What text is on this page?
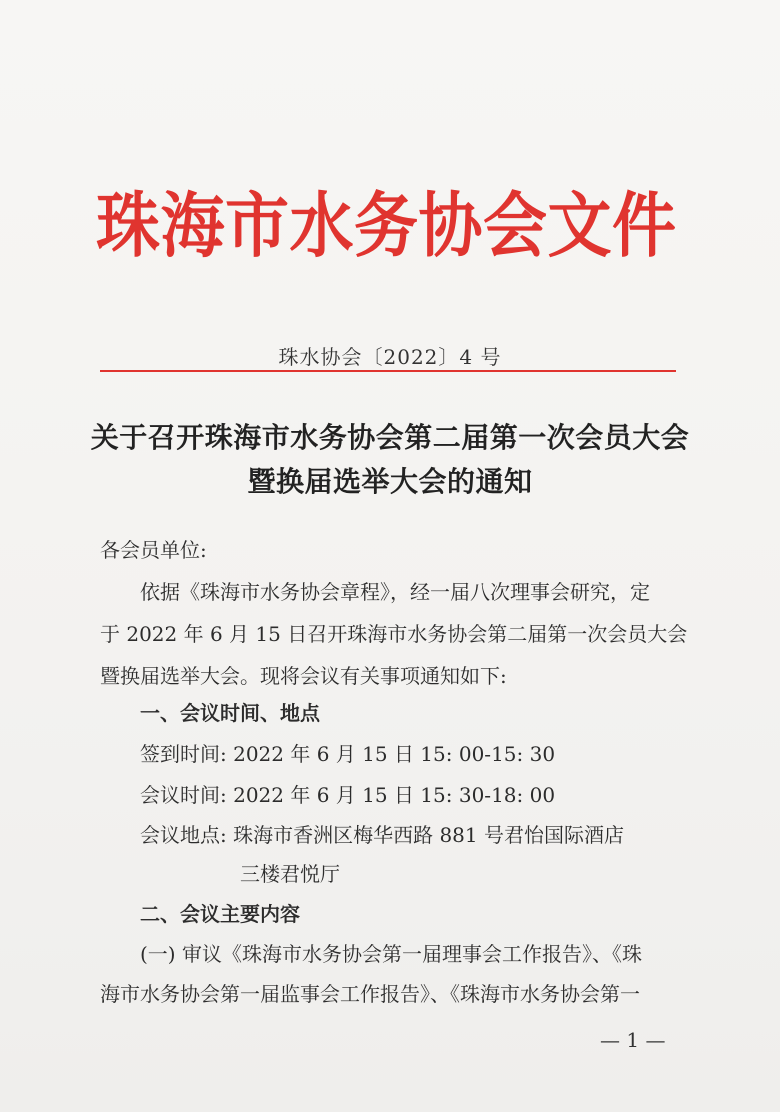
珠 海 市 水 务 协 会 文 件
珠水协会〔2022〕4 号
关于召开珠海市水务协会第二届第一次会员大会
暨换届选举大会的通知
各会员单位:
依据《珠海市水务协会章程》，经一届八次理事会研究，定
于 2022 年 6 月 15 日召开珠海市水务协会第二届第一次会员大会
暨换届选举大会。现将会议有关事项通知如下:
一、会议时间、地点
签到时间: 2022 年 6 月 15 日 15: 00-15: 30
会议时间: 2022 年 6 月 15 日 15: 30-18: 00
会议地点: 珠海市香洲区梅华西路 881 号君怡国际酒店
三楼君悦厅
二、会议主要内容
(一) 审议《珠海市水务协会第一届理事会工作报告》、《珠
海市水务协会第一届监事会工作报告》、《珠海市水务协会第一
— 1 —
